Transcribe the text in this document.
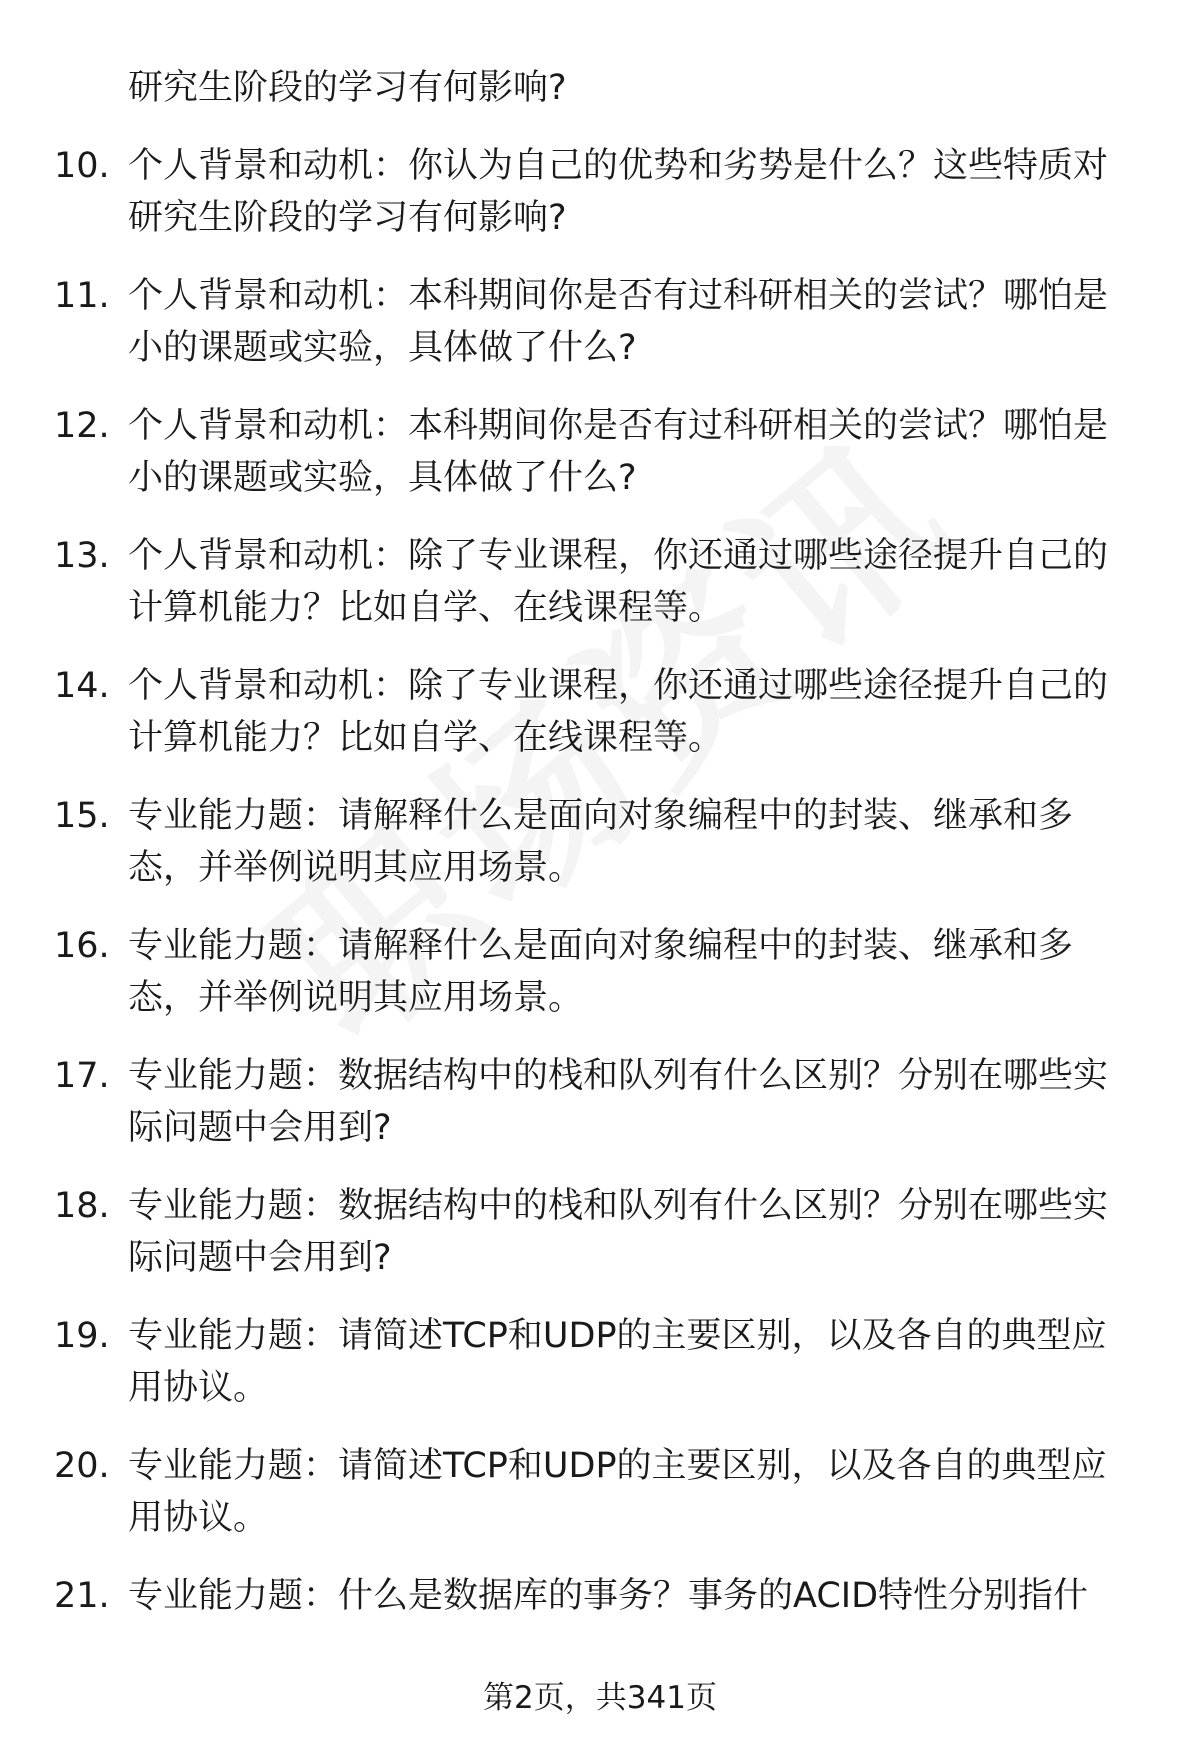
研究生阶段的学习有何影响?

10. 个人背景和动机：你认为自己的优势和劣势是什么？这些特质对
研究生阶段的学习有何影响?
11. 个人背景和动机：本科期间你是否有过科研相关的尝试？哪怕是
小的课题或实验，具体做了什么?
12. 个人背景和动机：本科期间你是否有过科研相关的尝试？哪怕是
小的课题或实验，具体做了什么?
13. 个人背景和动机：除了专业课程，你还通过哪些途径提升自己的
计算机能力？比如自学、在线课程等。
14. 个人背景和动机：除了专业课程，你还通过哪些途径提升自己的
计算机能力？比如自学、在线课程等。
15. 专业能力题：请解释什么是面向对象编程中的封装、继承和多
态，并举例说明其应用场景。
16. 专业能力题：请解释什么是面向对象编程中的封装、继承和多
态，并举例说明其应用场景。
17. 专业能力题：数据结构中的栈和队列有什么区别？分别在哪些实
际问题中会用到?
18. 专业能力题：数据结构中的栈和队列有什么区别？分别在哪些实
际问题中会用到?
19. 专业能力题：请简述TCP和UDP的主要区别，以及各自的典型应
用协议。
20. 专业能力题：请简述TCP和UDP的主要区别，以及各自的典型应
用协议。
21. 专业能力题：什么是数据库的事务？事务的ACID特性分别指什
第2页，共341页
